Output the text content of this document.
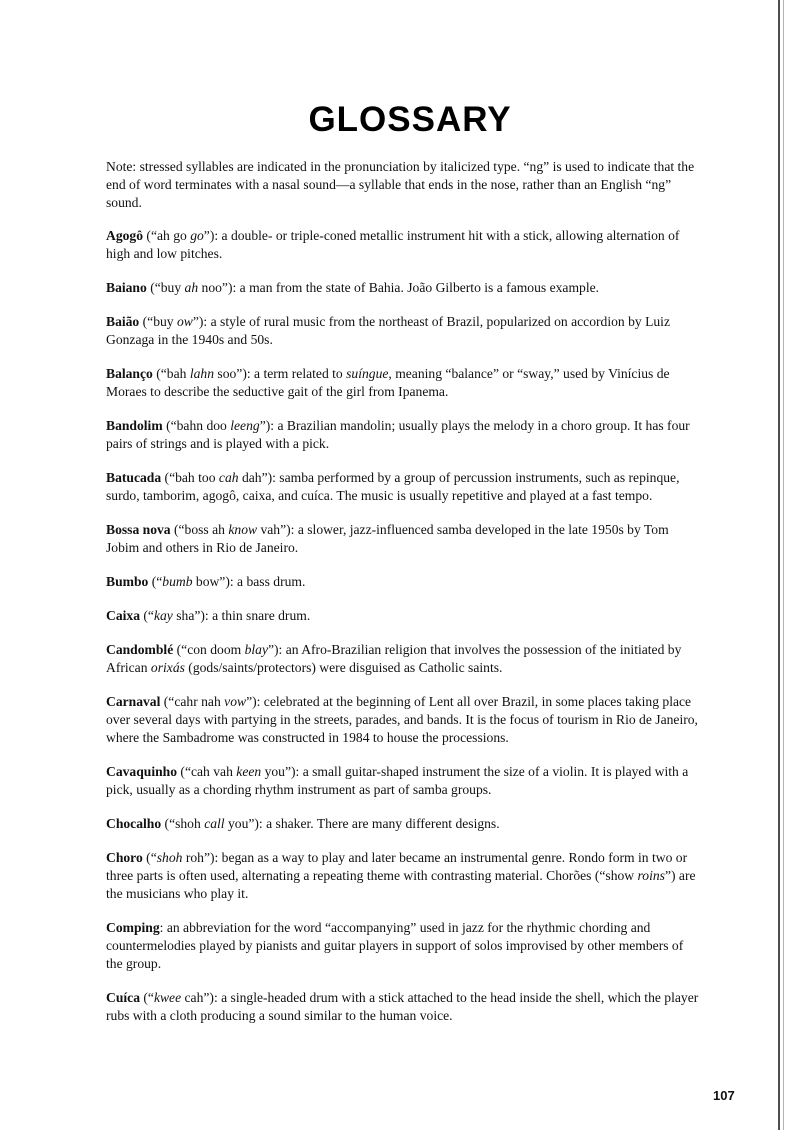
GLOSSARY

Note: stressed syllables are indicated in the pronunciation by italicized type. “ng” is used to indicate that the end of word terminates with a nasal sound—a syllable that ends in the nose, rather than an English “ng” sound.

Agogô (“ah go go”): a double- or triple-coned metallic instrument hit with a stick, allowing alternation of high and low pitches.

Baiano (“buy ah noo”): a man from the state of Bahia. João Gilberto is a famous example.

Baião (“buy ow”): a style of rural music from the northeast of Brazil, popularized on accordion by Luiz Gonzaga in the 1940s and 50s.

Balanço (“bah lahn soo”): a term related to suíngue, meaning “balance” or “sway,” used by Vinícius de Moraes to describe the seductive gait of the girl from Ipanema.

Bandolim (“bahn doo leeng”): a Brazilian mandolin; usually plays the melody in a choro group. It has four pairs of strings and is played with a pick.

Batucada (“bah too cah dah”): samba performed by a group of percussion instruments, such as repinque, surdo, tamborim, agogô, caixa, and cuíca. The music is usually repetitive and played at a fast tempo.

Bossa nova (“boss ah know vah”): a slower, jazz-influenced samba developed in the late 1950s by Tom Jobim and others in Rio de Janeiro.

Bumbo (“bumb bow”): a bass drum.

Caixa (“kay sha”): a thin snare drum.

Candomblé (“con doom blay”): an Afro-Brazilian religion that involves the possession of the initiated by African orixás (gods/saints/protectors) were disguised as Catholic saints.

Carnaval (“cahr nah vow”): celebrated at the beginning of Lent all over Brazil, in some places taking place over several days with partying in the streets, parades, and bands. It is the focus of tourism in Rio de Janeiro, where the Sambadrome was constructed in 1984 to house the processions.

Cavaquinho (“cah vah keen you”): a small guitar-shaped instrument the size of a violin. It is played with a pick, usually as a chording rhythm instrument as part of samba groups.

Chocalho (“shoh call you”): a shaker. There are many different designs.

Choro (“shoh roh”): began as a way to play and later became an instrumental genre. Rondo form in two or three parts is often used, alternating a repeating theme with contrasting material. Chorões (“show roins”) are the musicians who play it.

Comping: an abbreviation for the word “accompanying” used in jazz for the rhythmic chording and countermelodies played by pianists and guitar players in support of solos improvised by other members of the group.

Cuíca (“kwee cah”): a single-headed drum with a stick attached to the head inside the shell, which the player rubs with a cloth producing a sound similar to the human voice.

107
